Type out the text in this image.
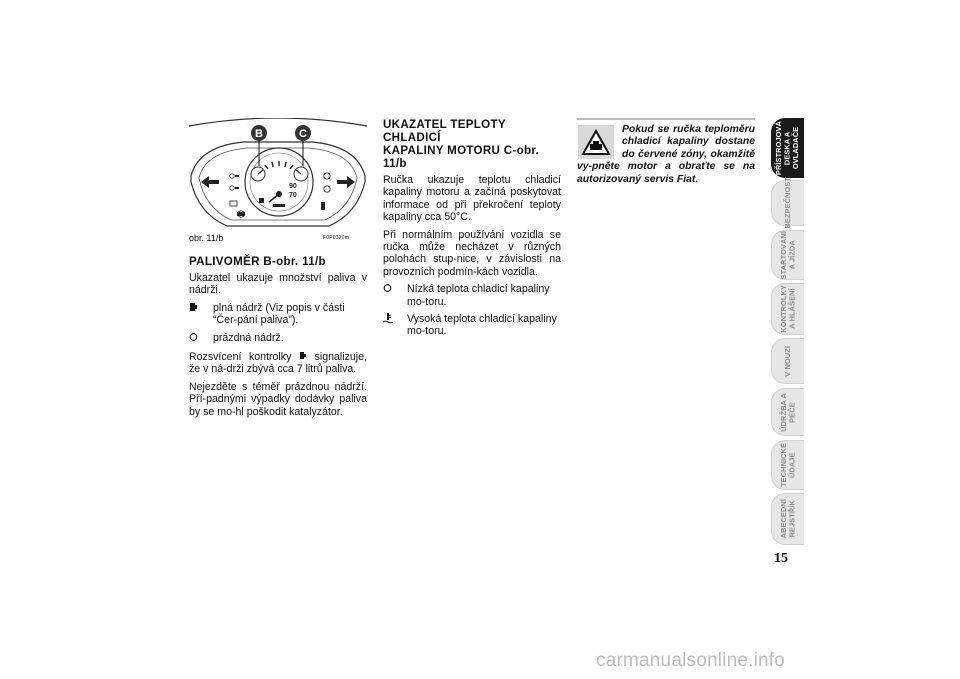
B	C
90
70
obr. 11/b	F0P0320m
PALIVOMĚR B-obr. 11/b

Ukazatel ukazuje množství paliva v nádrži.

plná nádrž (Viz popis v části “Čer-pání paliva”).
prázdná nádrž.

Rozsvícení kontrolky signalizuje, že v ná-drži zbývá cca 7 litrů paliva.

Nejezděte s téměř prázdnou nádrží. Pří-padnými výpadky dodávky paliva by se mo-hl poškodit katalyzátor.

UKAZATEL TEPLOTY CHLADICÍ
KAPALINY MOTORU C-obr. 11/b

Ručka ukazuje teplotu chladicí kapaliny motoru a začíná poskytovat informace od při překročení teploty kapaliny cca 50°C.

Při normálním používání vozidla se ručka může necházet v různých polohách stup-nice, v závislosti na provozních podmín-kách vozidla.

Nízká teplota chladicí kapaliny mo-toru.
Vysoká teplota chladicí kapaliny mo-toru.
Pokud se ručka teploměru chladicí kapaliny dostane do červené zóny, okamžitě vy-pněte motor a obraťte se na autorizovaný servis Fiat.
PŘÍSTROJOVÁ
DESKA A
OVLADAČE
BEZPEČNOST
STARTOVÁNÍ
A JÍZDA
KONTROLKY
A HLÁŠENÍ
V NOUZI
ÚDRŽBA A
PÉČE
TECHNICKÉ
ÚDAJE
ABECEDNÍ
REJSTŘÍK
15
carmanualsonline.info
